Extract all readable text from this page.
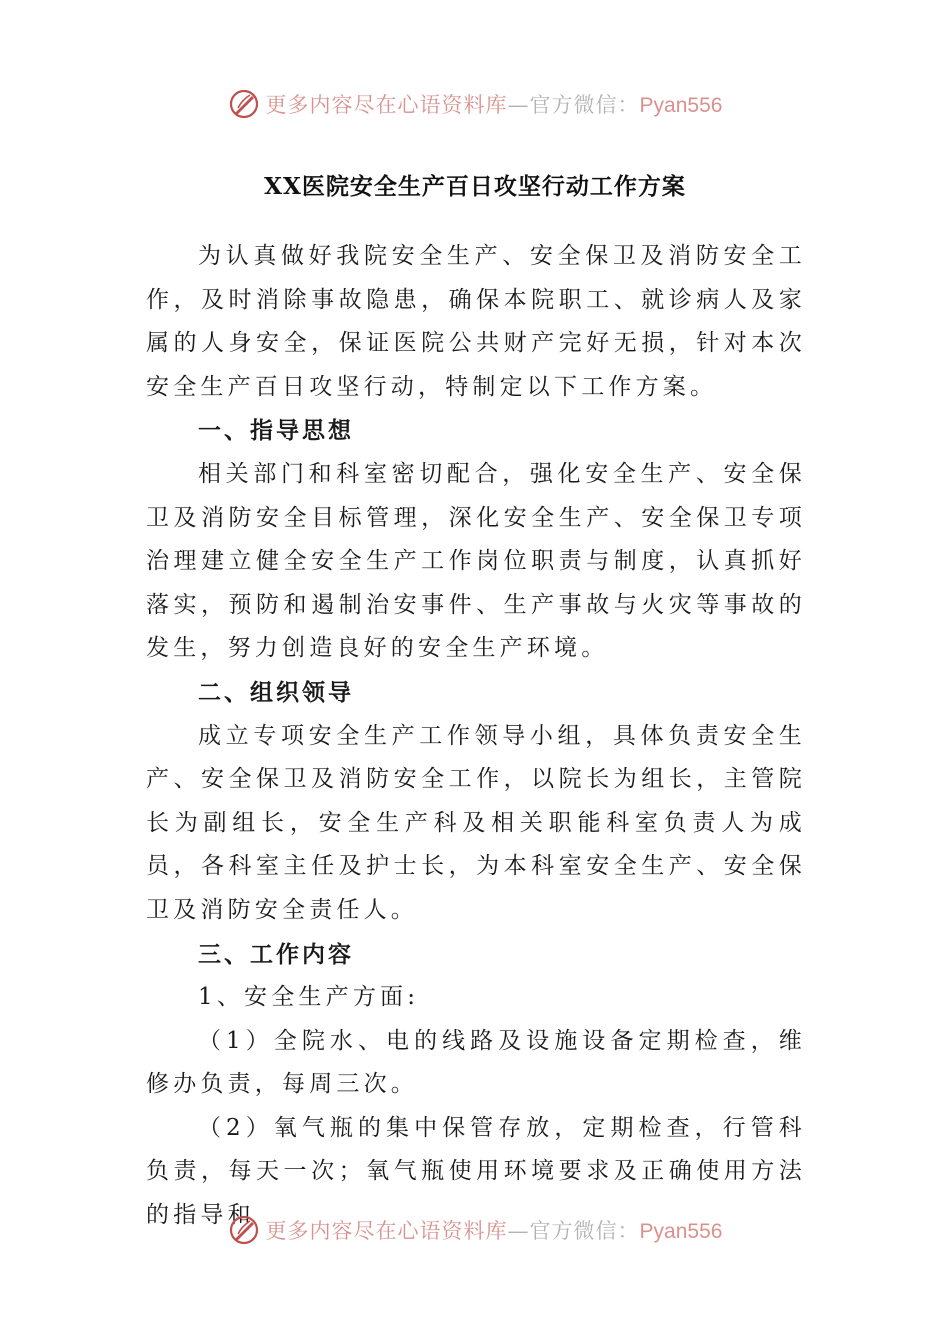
更多内容尽在心语资料库—官方微信：Pyan556
XX医院安全生产百日攻坚行动工作方案

为认真做好我院安全生产、安全保卫及消防安全工作，及时消除事故隐患，确保本院职工、就诊病人及家属的人身安全，保证医院公共财产完好无损，针对本次安全生产百日攻坚行动，特制定以下工作方案。

一、指导思想

相关部门和科室密切配合，强化安全生产、安全保卫及消防安全目标管理，深化安全生产、安全保卫专项治理建立健全安全生产工作岗位职责与制度，认真抓好落实，预防和遏制治安事件、生产事故与火灾等事故的发生，努力创造良好的安全生产环境。

二、组织领导

成立专项安全生产工作领导小组，具体负责安全生产、安全保卫及消防安全工作，以院长为组长，主管院长为副组长，安全生产科及相关职能科室负责人为成员，各科室主任及护士长，为本科室安全生产、安全保卫及消防安全责任人。

三、工作内容

1、安全生产方面:

（1）全院水、电的线路及设施设备定期检查，维修办负责，每周三次。

（2）氧气瓶的集中保管存放，定期检查，行管科负责，每天一次；氧气瓶使用环境要求及正确使用方法的指导和

更多内容尽在心语资料库—官方微信：Pyan556
